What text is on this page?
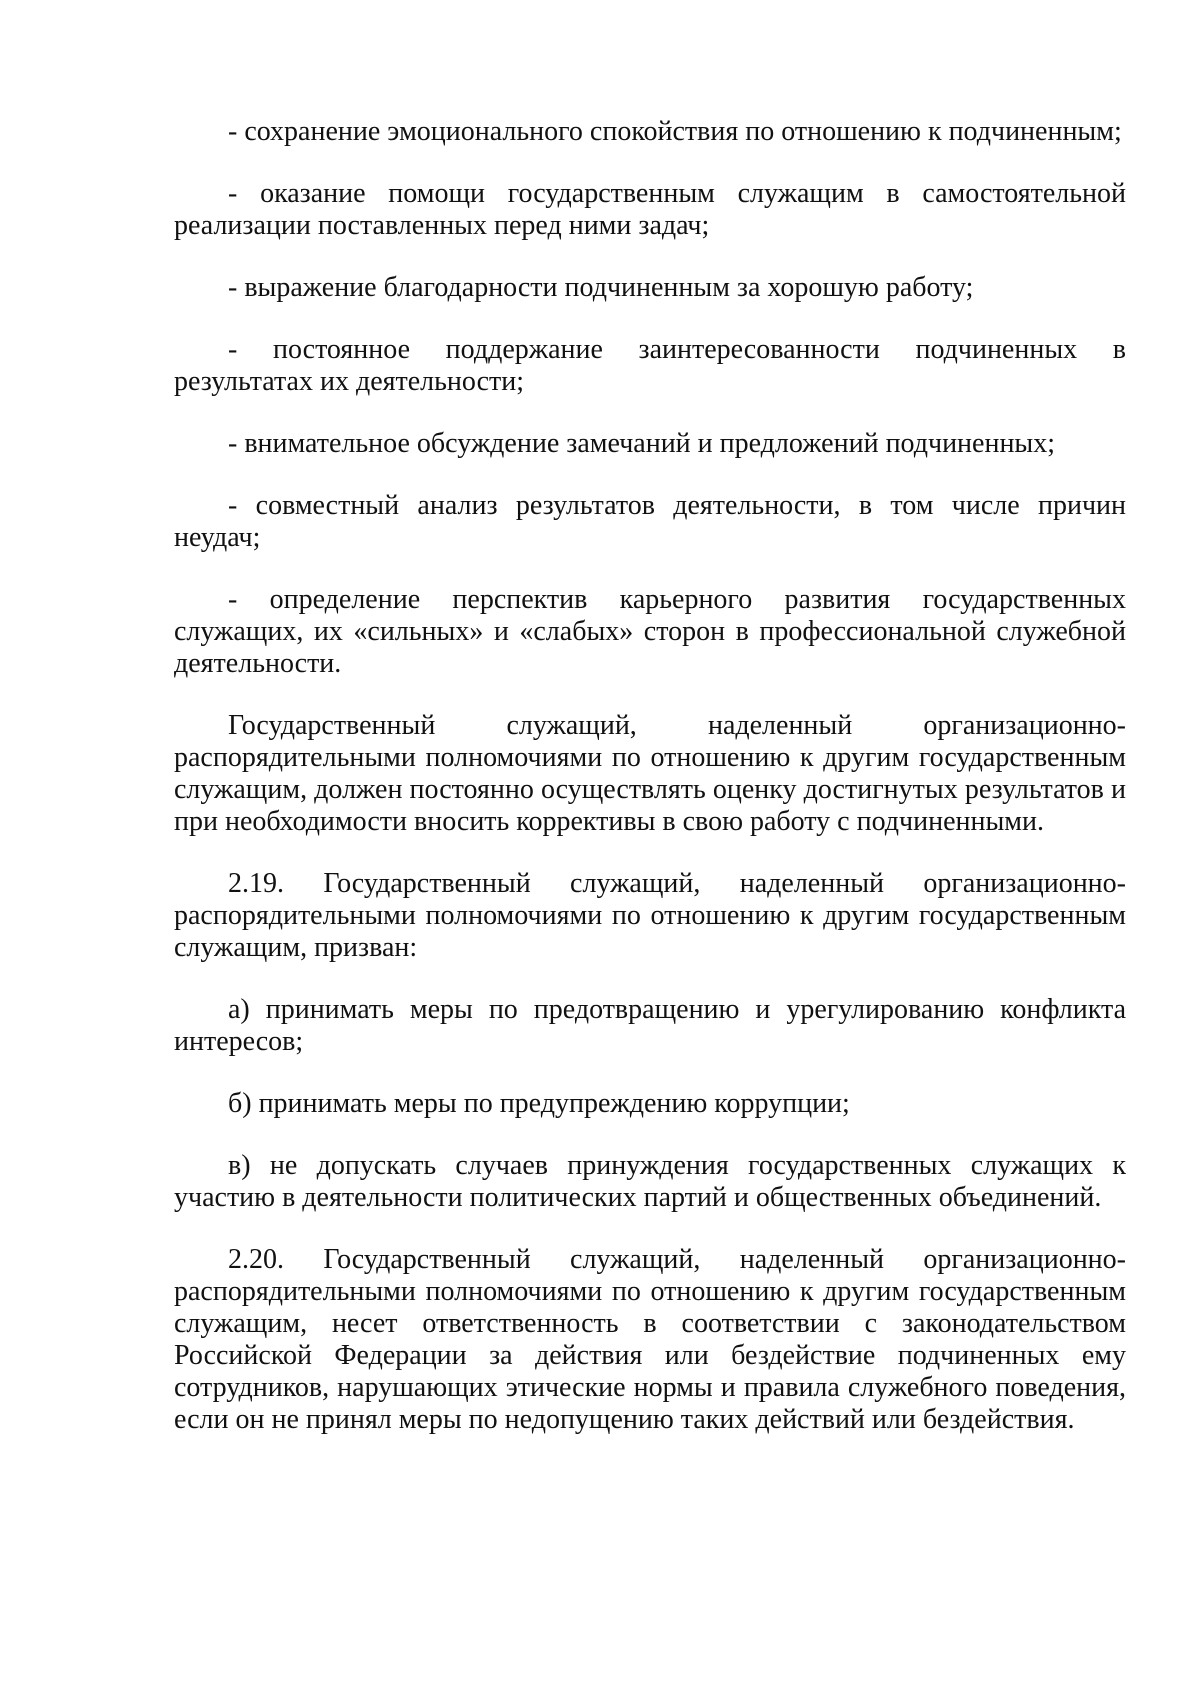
- сохранение эмоционального спокойствия по отношению к подчиненным;

- оказание помощи государственным служащим в самостоятельной реализации поставленных перед ними задач;

- выражение благодарности подчиненным за хорошую работу;

- постоянное поддержание заинтересованности подчиненных в результатах их деятельности;

- внимательное обсуждение замечаний и предложений подчиненных;

- совместный анализ результатов деятельности, в том числе причин неудач;

- определение перспектив карьерного развития государственных служащих, их «сильных» и «слабых» сторон в профессиональной служебной деятельности.

Государственный служащий, наделенный организационно-распорядительными полномочиями по отношению к другим государственным служащим, должен постоянно осуществлять оценку достигнутых результатов и при необходимости вносить коррективы в свою работу с подчиненными.

2.19. Государственный служащий, наделенный организационно-распорядительными полномочиями по отношению к другим государственным служащим, призван:

а) принимать меры по предотвращению и урегулированию конфликта интересов;

б) принимать меры по предупреждению коррупции;

в) не допускать случаев принуждения государственных служащих к участию в деятельности политических партий и общественных объединений.

2.20. Государственный служащий, наделенный организационно-распорядительными полномочиями по отношению к другим государственным служащим, несет ответственность в соответствии с законодательством Российской Федерации за действия или бездействие подчиненных ему сотрудников, нарушающих этические нормы и правила служебного поведения, если он не принял меры по недопущению таких действий или бездействия.
